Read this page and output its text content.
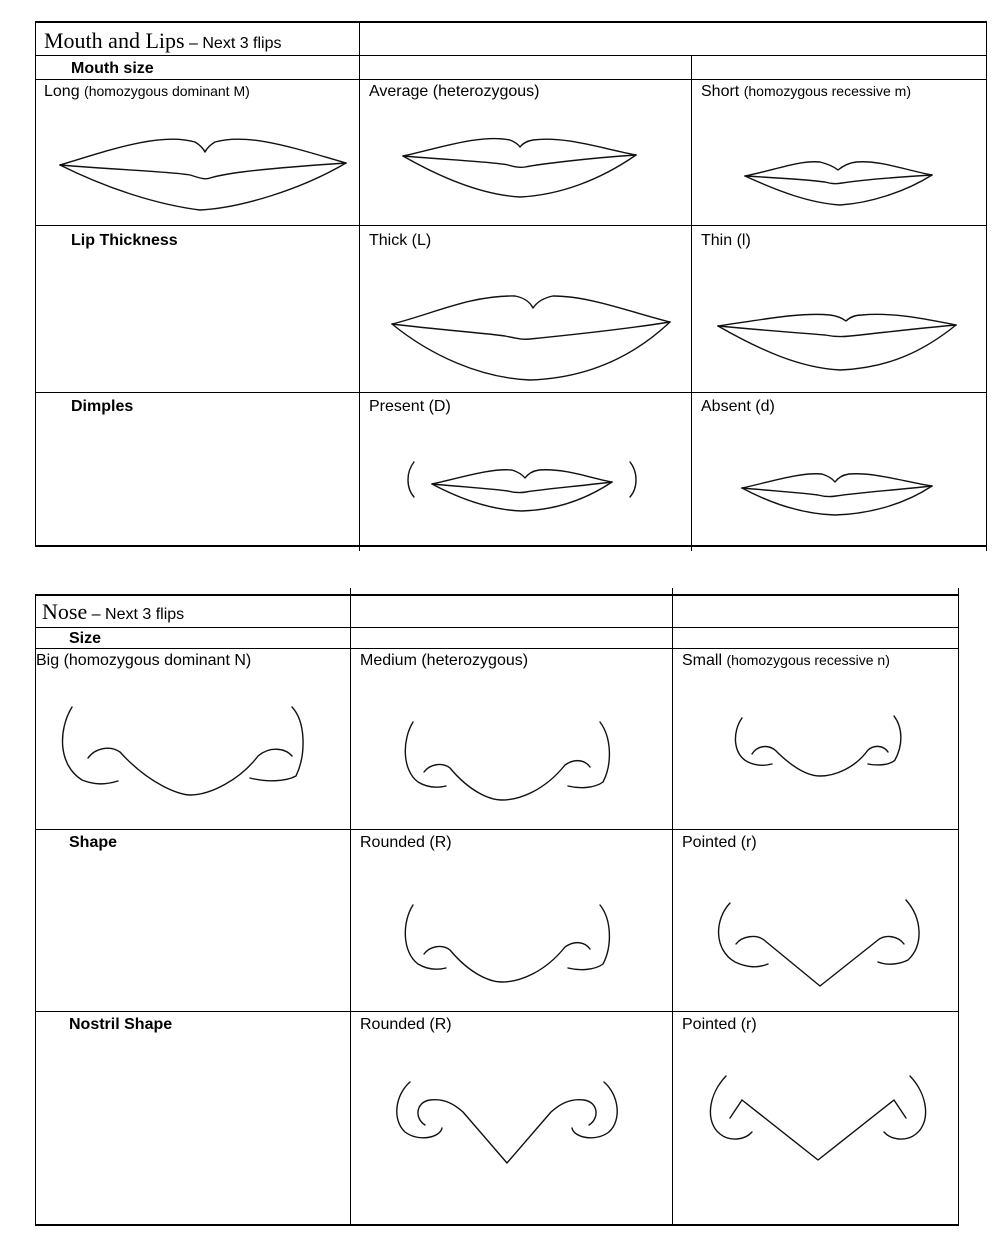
Mouth and Lips – Next 3 flips
Mouth size
Long (homozygous dominant M)	Average (heterozygous)	Short (homozygous recessive m)
Lip Thickness	Thick (L)	Thin (l)
Dimples	Present (D)	Absent (d)
Nose – Next 3 flips
Size
Big (homozygous dominant N)	Medium (heterozygous)	Small (homozygous recessive n)
Shape	Rounded (R)	Pointed (r)
Nostril Shape	Rounded (R)	Pointed (r)
